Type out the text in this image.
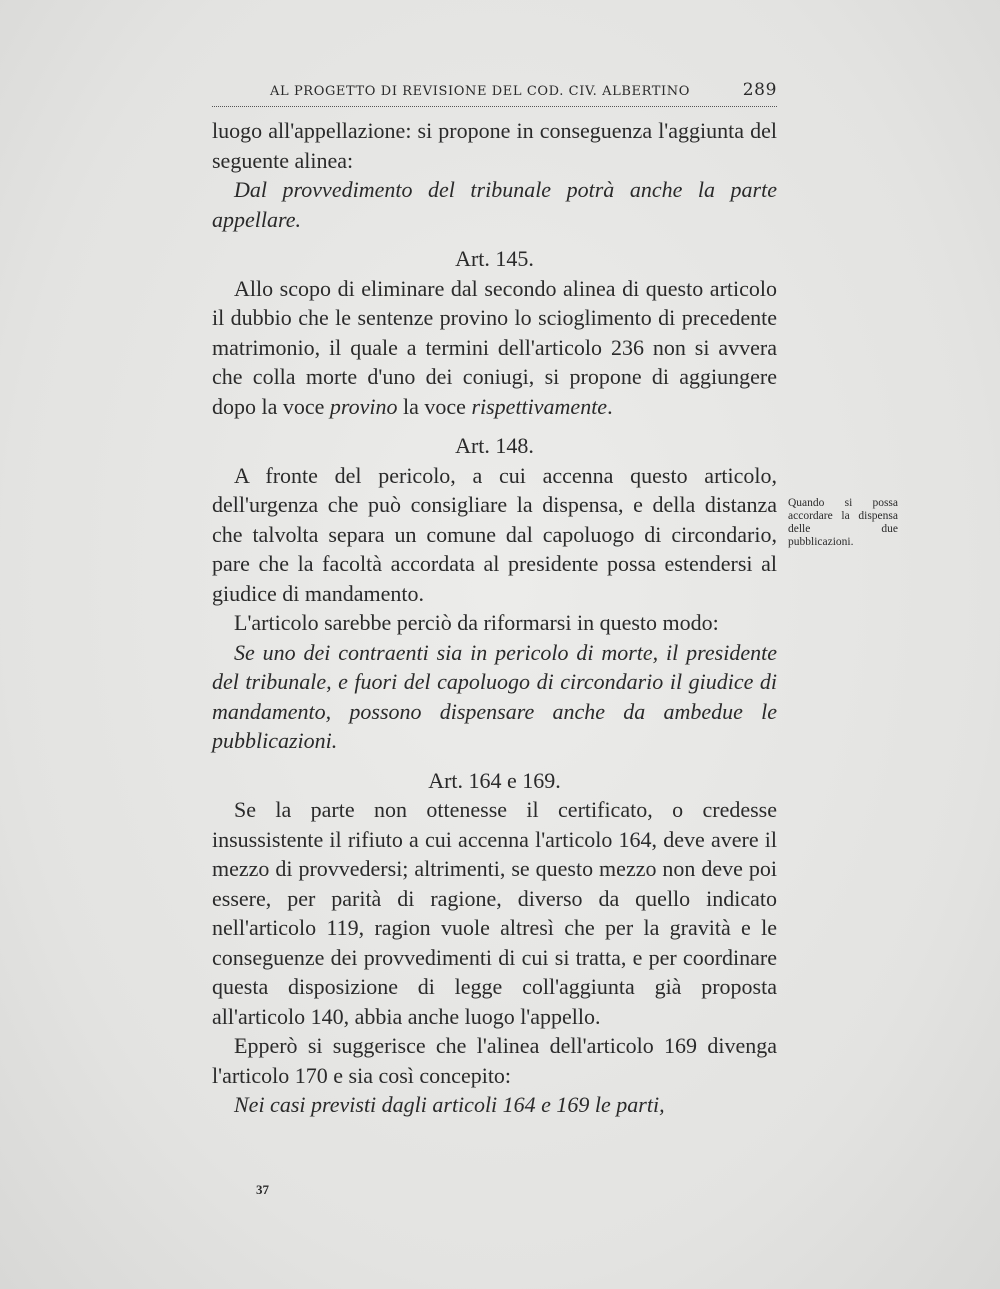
AL PROGETTO DI REVISIONE DEL COD. CIV. ALBERTINO	289

luogo all'appellazione: si propone in conseguenza l'aggiunta del seguente alinea:

Dal provvedimento del tribunale potrà anche la parte appellare.

Art. 145.

Allo scopo di eliminare dal secondo alinea di questo articolo il dubbio che le sentenze provino lo scioglimento di precedente matrimonio, il quale a termini dell'articolo 236 non si avvera che colla morte d'uno dei coniugi, si propone di aggiungere dopo la voce provino la voce rispettivamente.

Art. 148.

A fronte del pericolo, a cui accenna questo articolo, dell'urgenza che può consigliare la dispensa, e della distanza che talvolta separa un comune dal capoluogo di circondario, pare che la facoltà accordata al presidente possa estendersi al giudice di mandamento.

L'articolo sarebbe perciò da riformarsi in questo modo:

Se uno dei contraenti sia in pericolo di morte, il presidente del tribunale, e fuori del capoluogo di circondario il giudice di mandamento, possono dispensare anche da ambedue le pubblicazioni.

Art. 164 e 169.

Se la parte non ottenesse il certificato, o credesse insussistente il rifiuto a cui accenna l'articolo 164, deve avere il mezzo di provvedersi; altrimenti, se questo mezzo non deve poi essere, per parità di ragione, diverso da quello indicato nell'articolo 119, ragion vuole altresì che per la gravità e le conseguenze dei provvedimenti di cui si tratta, e per coordinare questa disposizione di legge coll'aggiunta già proposta all'articolo 140, abbia anche luogo l'appello.

Epperò si suggerisce che l'alinea dell'articolo 169 divenga l'articolo 170 e sia così concepito:

Nei casi previsti dagli articoli 164 e 169 le parti,

Quando si possa accordare la dispensa delle due pubblicazioni.
37
